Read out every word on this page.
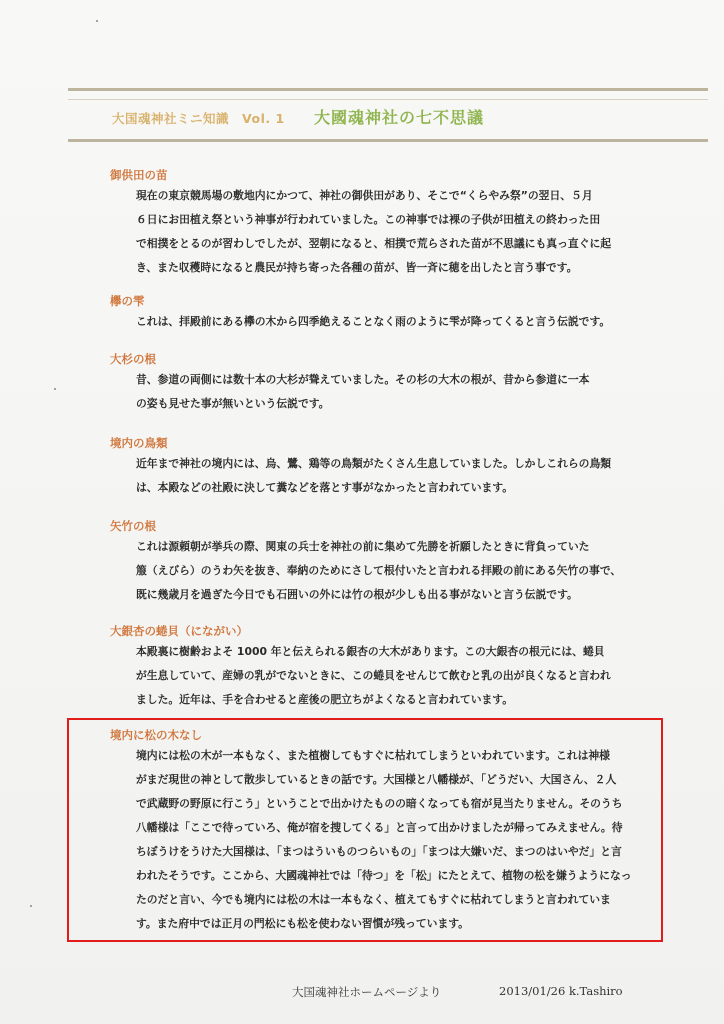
大国魂神社ミニ知識　Vol. 1 大國魂神社の七不思議

御供田の苗

現在の東京競馬場の敷地内にかつて、神社の御供田があり、そこで“くらやみ祭”の翌日、５月
６日にお田植え祭という神事が行われていました。この神事では裸の子供が田植えの終わった田
で相撲をとるのが習わしでしたが、翌朝になると、相撲で荒らされた苗が不思議にも真っ直ぐに起
き、また収穫時になると農民が持ち寄った各種の苗が、皆一斉に穂を出したと言う事です。

欅の雫

これは、拝殿前にある欅の木から四季絶えることなく雨のように雫が降ってくると言う伝説です。

大杉の根

昔、参道の両側には数十本の大杉が聳えていました。その杉の大木の根が、昔から参道に一本
の姿も見せた事が無いという伝説です。

境内の鳥類

近年まで神社の境内には、烏、鷺、鶏等の鳥類がたくさん生息していました。しかしこれらの鳥類
は、本殿などの社殿に決して糞などを落とす事がなかったと言われています。

矢竹の根

これは源頼朝が挙兵の際、関東の兵士を神社の前に集めて先勝を祈願したときに背負っていた
箙（えびら）のうわ矢を抜き、奉納のためにさして根付いたと言われる拝殿の前にある矢竹の事で、
既に幾歳月を過ぎた今日でも石囲いの外には竹の根が少しも出る事がないと言う伝説です。

大銀杏の蜷貝（にながい）

本殿裏に樹齢およそ 1000 年と伝えられる銀杏の大木があります。この大銀杏の根元には、蜷貝
が生息していて、産婦の乳がでないときに、この蜷貝をせんじて飲むと乳の出が良くなると言われ
ました。近年は、手を合わせると産後の肥立ちがよくなると言われています。

境内に松の木なし

境内には松の木が一本もなく、また植樹してもすぐに枯れてしまうといわれています。これは神様
がまだ現世の神として散歩しているときの話です。大国様と八幡様が、「どうだい、大国さん、２人
で武蔵野の野原に行こう」ということで出かけたものの暗くなっても宿が見当たりません。そのうち
八幡様は「ここで待っていろ、俺が宿を捜してくる」と言って出かけましたが帰ってみえません。待
ちぼうけをうけた大国様は、「まつはういものつらいもの」「まつは大嫌いだ、まつのはいやだ」と言
われたそうです。ここから、大國魂神社では「待つ」を「松」にたとえて、植物の松を嫌うようになっ
たのだと言い、今でも境内には松の木は一本もなく、植えてもすぐに枯れてしまうと言われていま
す。また府中では正月の門松にも松を使わない習慣が残っています。

大国魂神社ホームページより	2013/01/26 k.Tashiro
